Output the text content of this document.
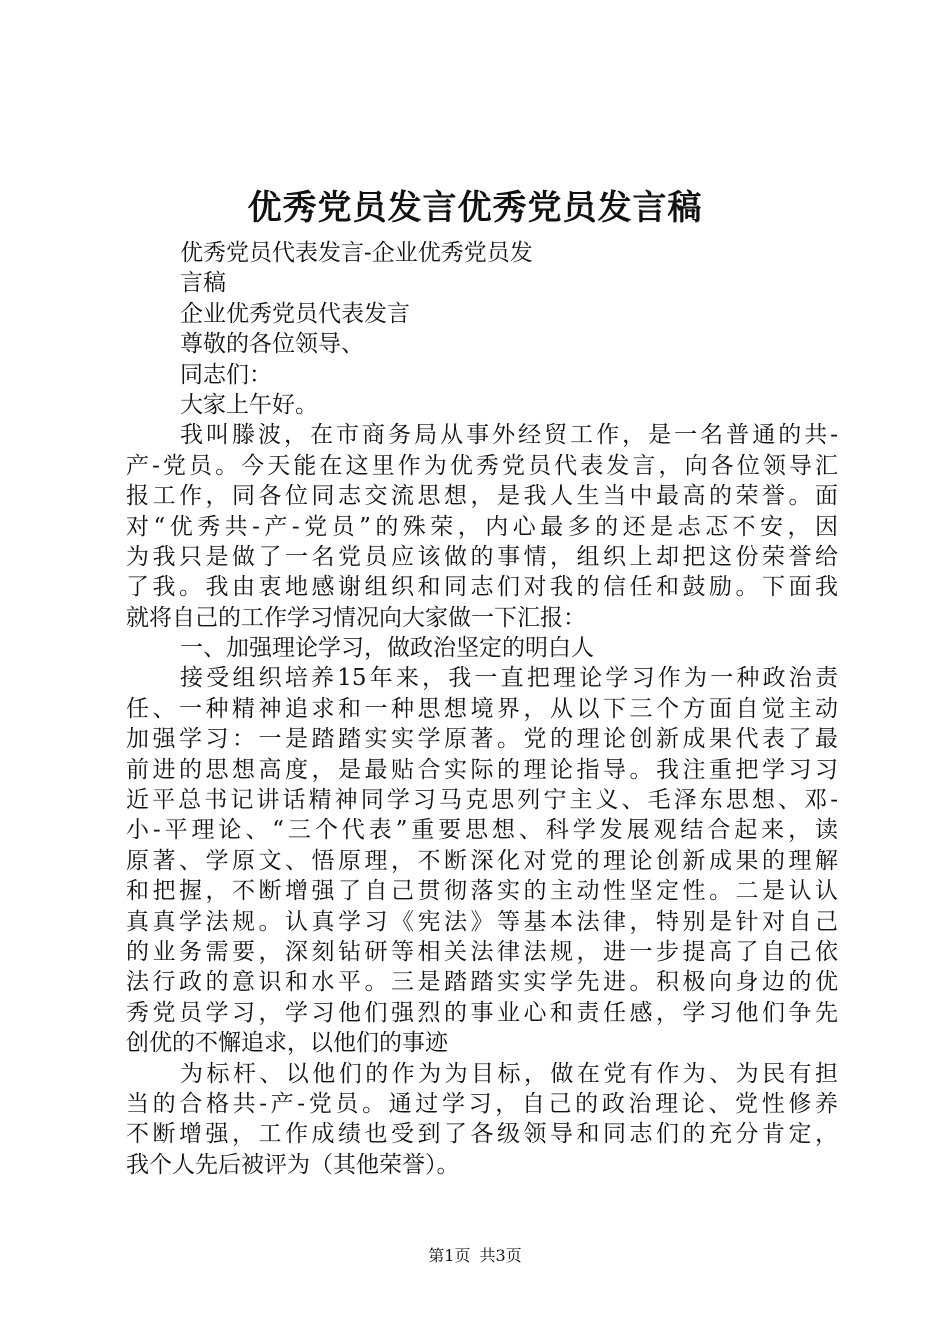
优秀党员发言优秀党员发言稿
优秀党员代表发言-企业优秀党员发
言稿
企业优秀党员代表发言
尊敬的各位领导、
同志们：
大家上午好。
我叫滕波，在市商务局从事外经贸工作，是一名普通的共-
产-党员。今天能在这里作为优秀党员代表发言，向各位领导汇
报工作，同各位同志交流思想，是我人生当中最高的荣誉。面
对“优秀共-产-党员”的殊荣，内心最多的还是忐忑不安，因
为我只是做了一名党员应该做的事情，组织上却把这份荣誉给
了我。我由衷地感谢组织和同志们对我的信任和鼓励。下面我
就将自己的工作学习情况向大家做一下汇报：
一、加强理论学习，做政治坚定的明白人
接受组织培养15年来，我一直把理论学习作为一种政治责
任、一种精神追求和一种思想境界，从以下三个方面自觉主动
加强学习：一是踏踏实实学原著。党的理论创新成果代表了最
前进的思想高度，是最贴合实际的理论指导。我注重把学习习
近平总书记讲话精神同学习马克思列宁主义、毛泽东思想、邓-
小-平理论、“三个代表”重要思想、科学发展观结合起来，读
原著、学原文、悟原理，不断深化对党的理论创新成果的理解
和把握，不断增强了自己贯彻落实的主动性坚定性。二是认认
真真学法规。认真学习《宪法》等基本法律，特别是针对自己
的业务需要，深刻钻研等相关法律法规，进一步提高了自己依
法行政的意识和水平。三是踏踏实实学先进。积极向身边的优
秀党员学习，学习他们强烈的事业心和责任感，学习他们争先
创优的不懈追求，以他们的事迹
为标杆、以他们的作为为目标，做在党有作为、为民有担
当的合格共-产-党员。通过学习，自己的政治理论、党性修养
不断增强，工作成绩也受到了各级领导和同志们的充分肯定，
我个人先后被评为（其他荣誉）。
第1页 共3页
